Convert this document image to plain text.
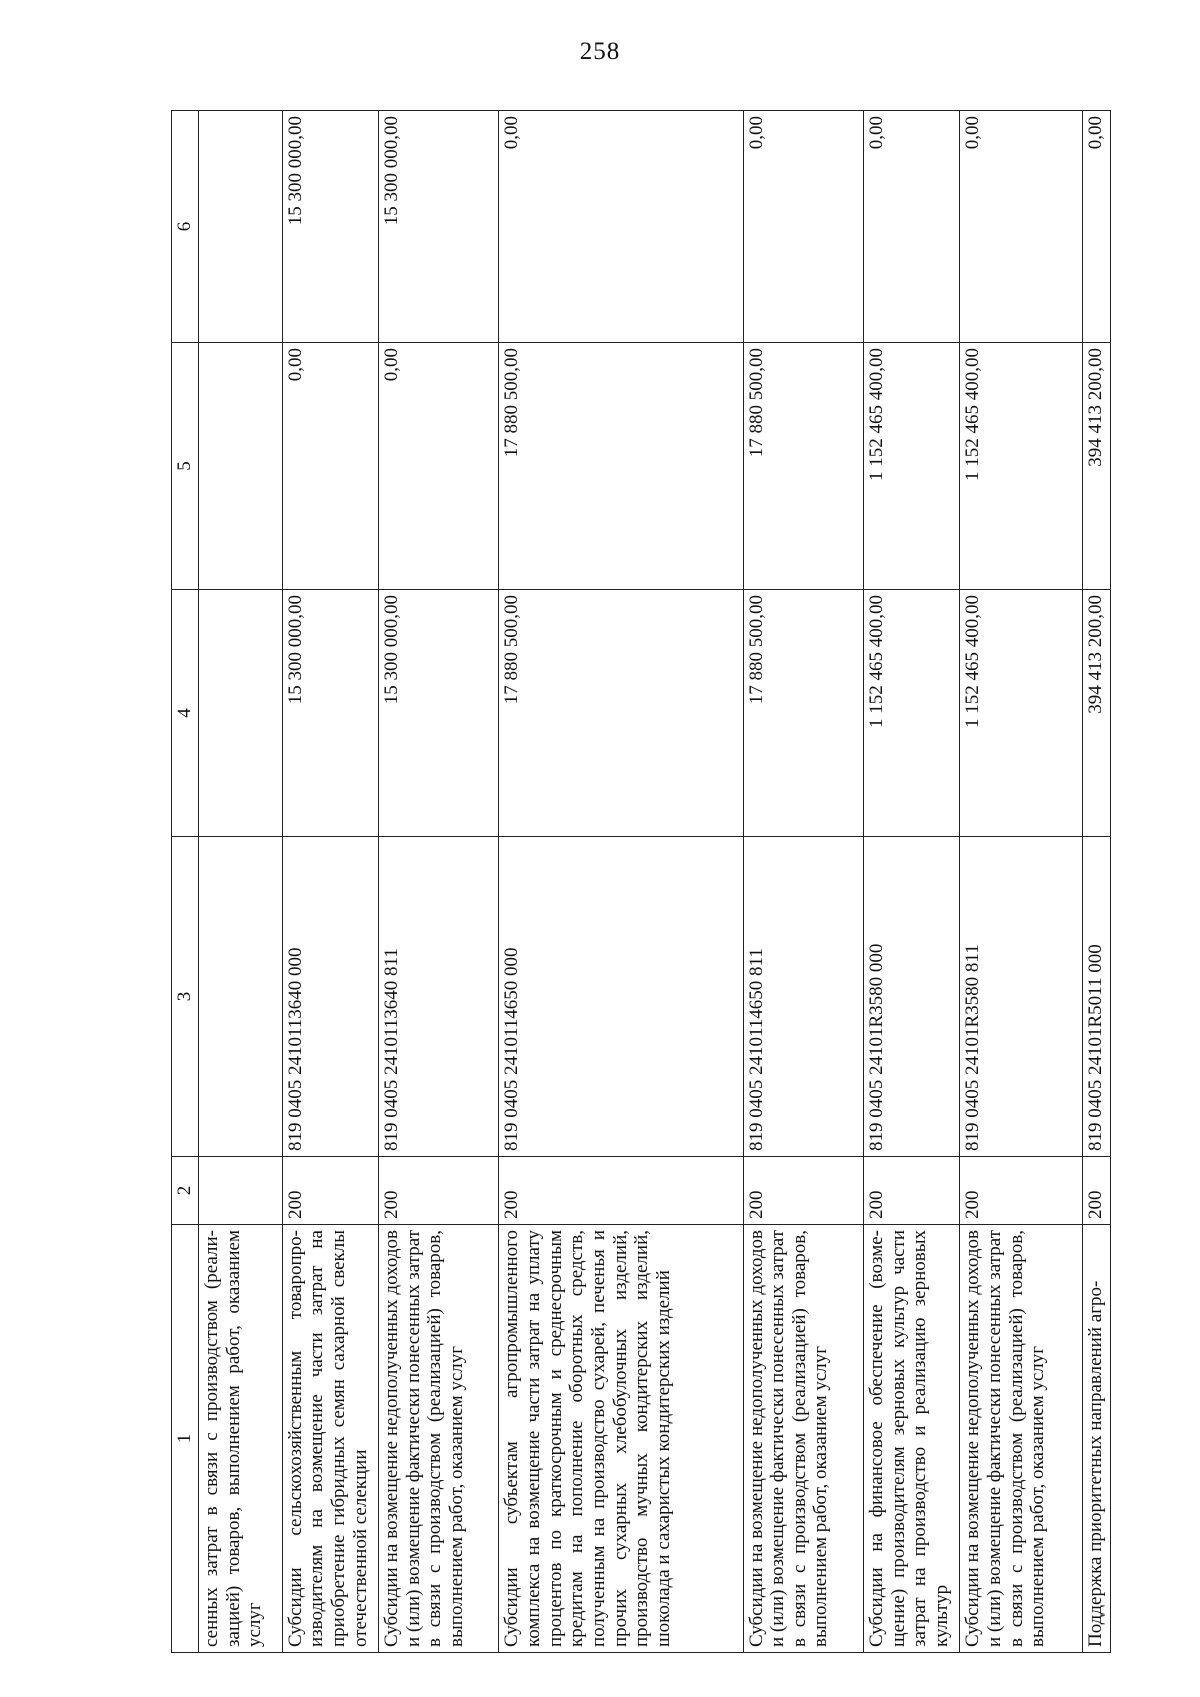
258
1	2	3	4	5	6
сенных затрат в связи с производством (реализацией) товаров, выполнением работ, оказанием услуг					
Субсидии сельскохозяйственным товаропроизводителям на возмещение части затрат на приобретение гибридных семян сахарной свеклы отечественной селекции	200	819 0405 2410113640 000	15 300 000,00	0,00	15 300 000,00
Субсидии на возмещение недополученных доходов и (или) возмещение фактически понесенных затрат в связи с производством (реализацией) товаров, выполнением работ, оказанием услуг	200	819 0405 2410113640 811	15 300 000,00	0,00	15 300 000,00
Субсидии субъектам агропромышленного комплекса на возмещение части затрат на уплату процентов по краткосрочным и среднесрочным кредитам на пополнение оборотных средств, полученным на производство сухарей, печенья и прочих сухарных хлебобулочных изделий, производство мучных кондитерских изделий, шоколада и сахаристых кондитерских изделий	200	819 0405 2410114650 000	17 880 500,00	17 880 500,00	0,00
Субсидии на возмещение недополученных доходов и (или) возмещение фактически понесенных затрат в связи с производством (реализацией) товаров, выполнением работ, оказанием услуг	200	819 0405 2410114650 811	17 880 500,00	17 880 500,00	0,00
Субсидии на финансовое обеспечение (возмещение) производителям зерновых культур части затрат на производство и реализацию зерновых культур	200	819 0405 24101R3580 000	1 152 465 400,00	1 152 465 400,00	0,00
Субсидии на возмещение недополученных доходов и (или) возмещение фактически понесенных затрат в связи с производством (реализацией) товаров, выполнением работ, оказанием услуг	200	819 0405 24101R3580 811	1 152 465 400,00	1 152 465 400,00	0,00
Поддержка приоритетных направлений агро-	200	819 0405 24101R5011 000	394 413 200,00	394 413 200,00	0,00
